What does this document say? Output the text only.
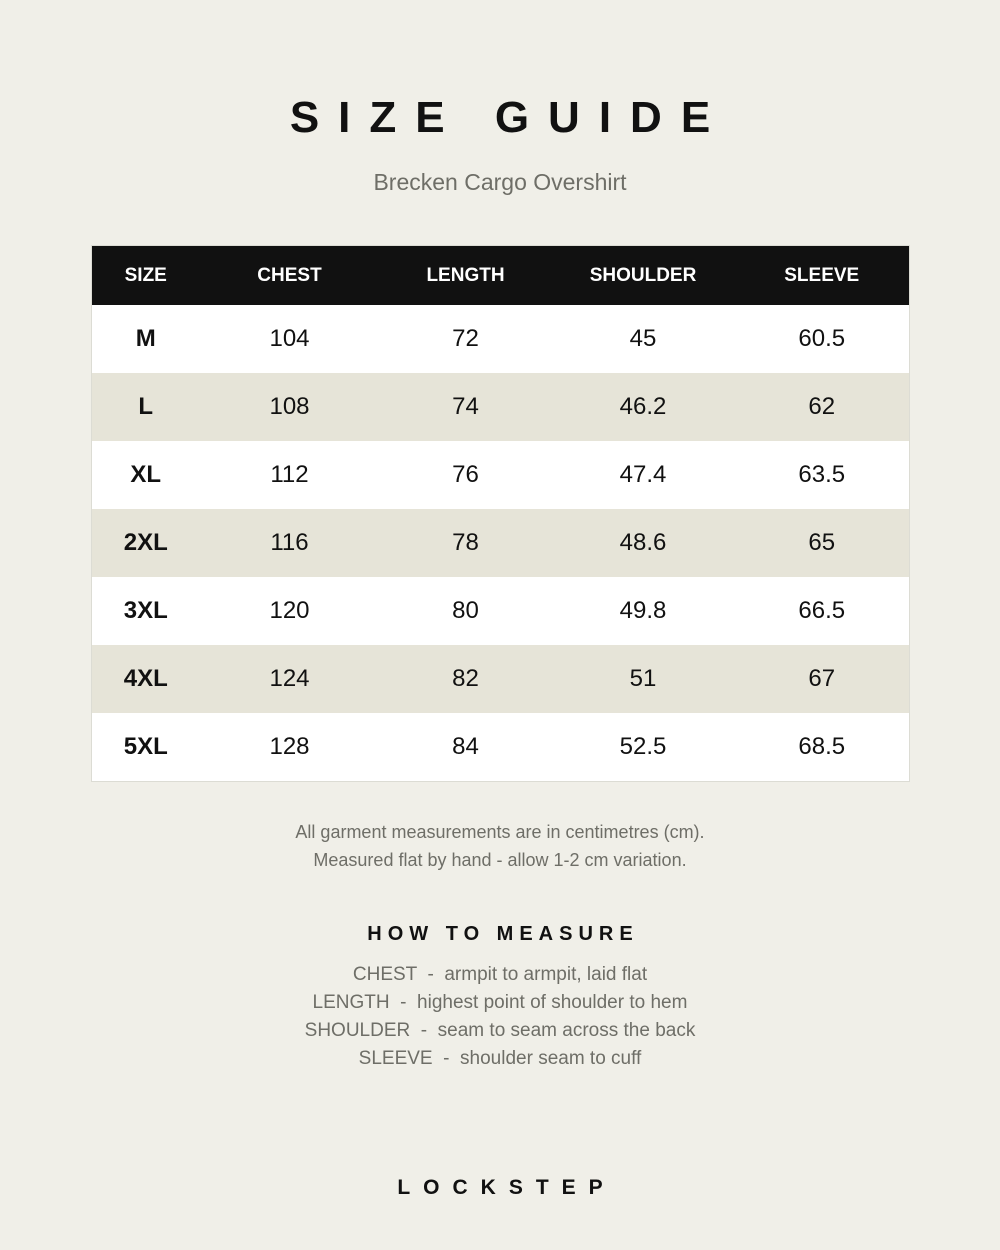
SIZE GUIDE
Brecken Cargo Overshirt
SIZE	CHEST	LENGTH	SHOULDER	SLEEVE
M	104	72	45	60.5
L	108	74	46.2	62
XL	112	76	47.4	63.5
2XL	116	78	48.6	65
3XL	120	80	49.8	66.5
4XL	124	82	51	67
5XL	128	84	52.5	68.5
All garment measurements are in centimetres (cm).
Measured flat by hand - allow 1-2 cm variation.
HOW TO MEASURE
CHEST  -  armpit to armpit, laid flat
LENGTH  -  highest point of shoulder to hem
SHOULDER  -  seam to seam across the back
SLEEVE  -  shoulder seam to cuff
LOCKSTEP
